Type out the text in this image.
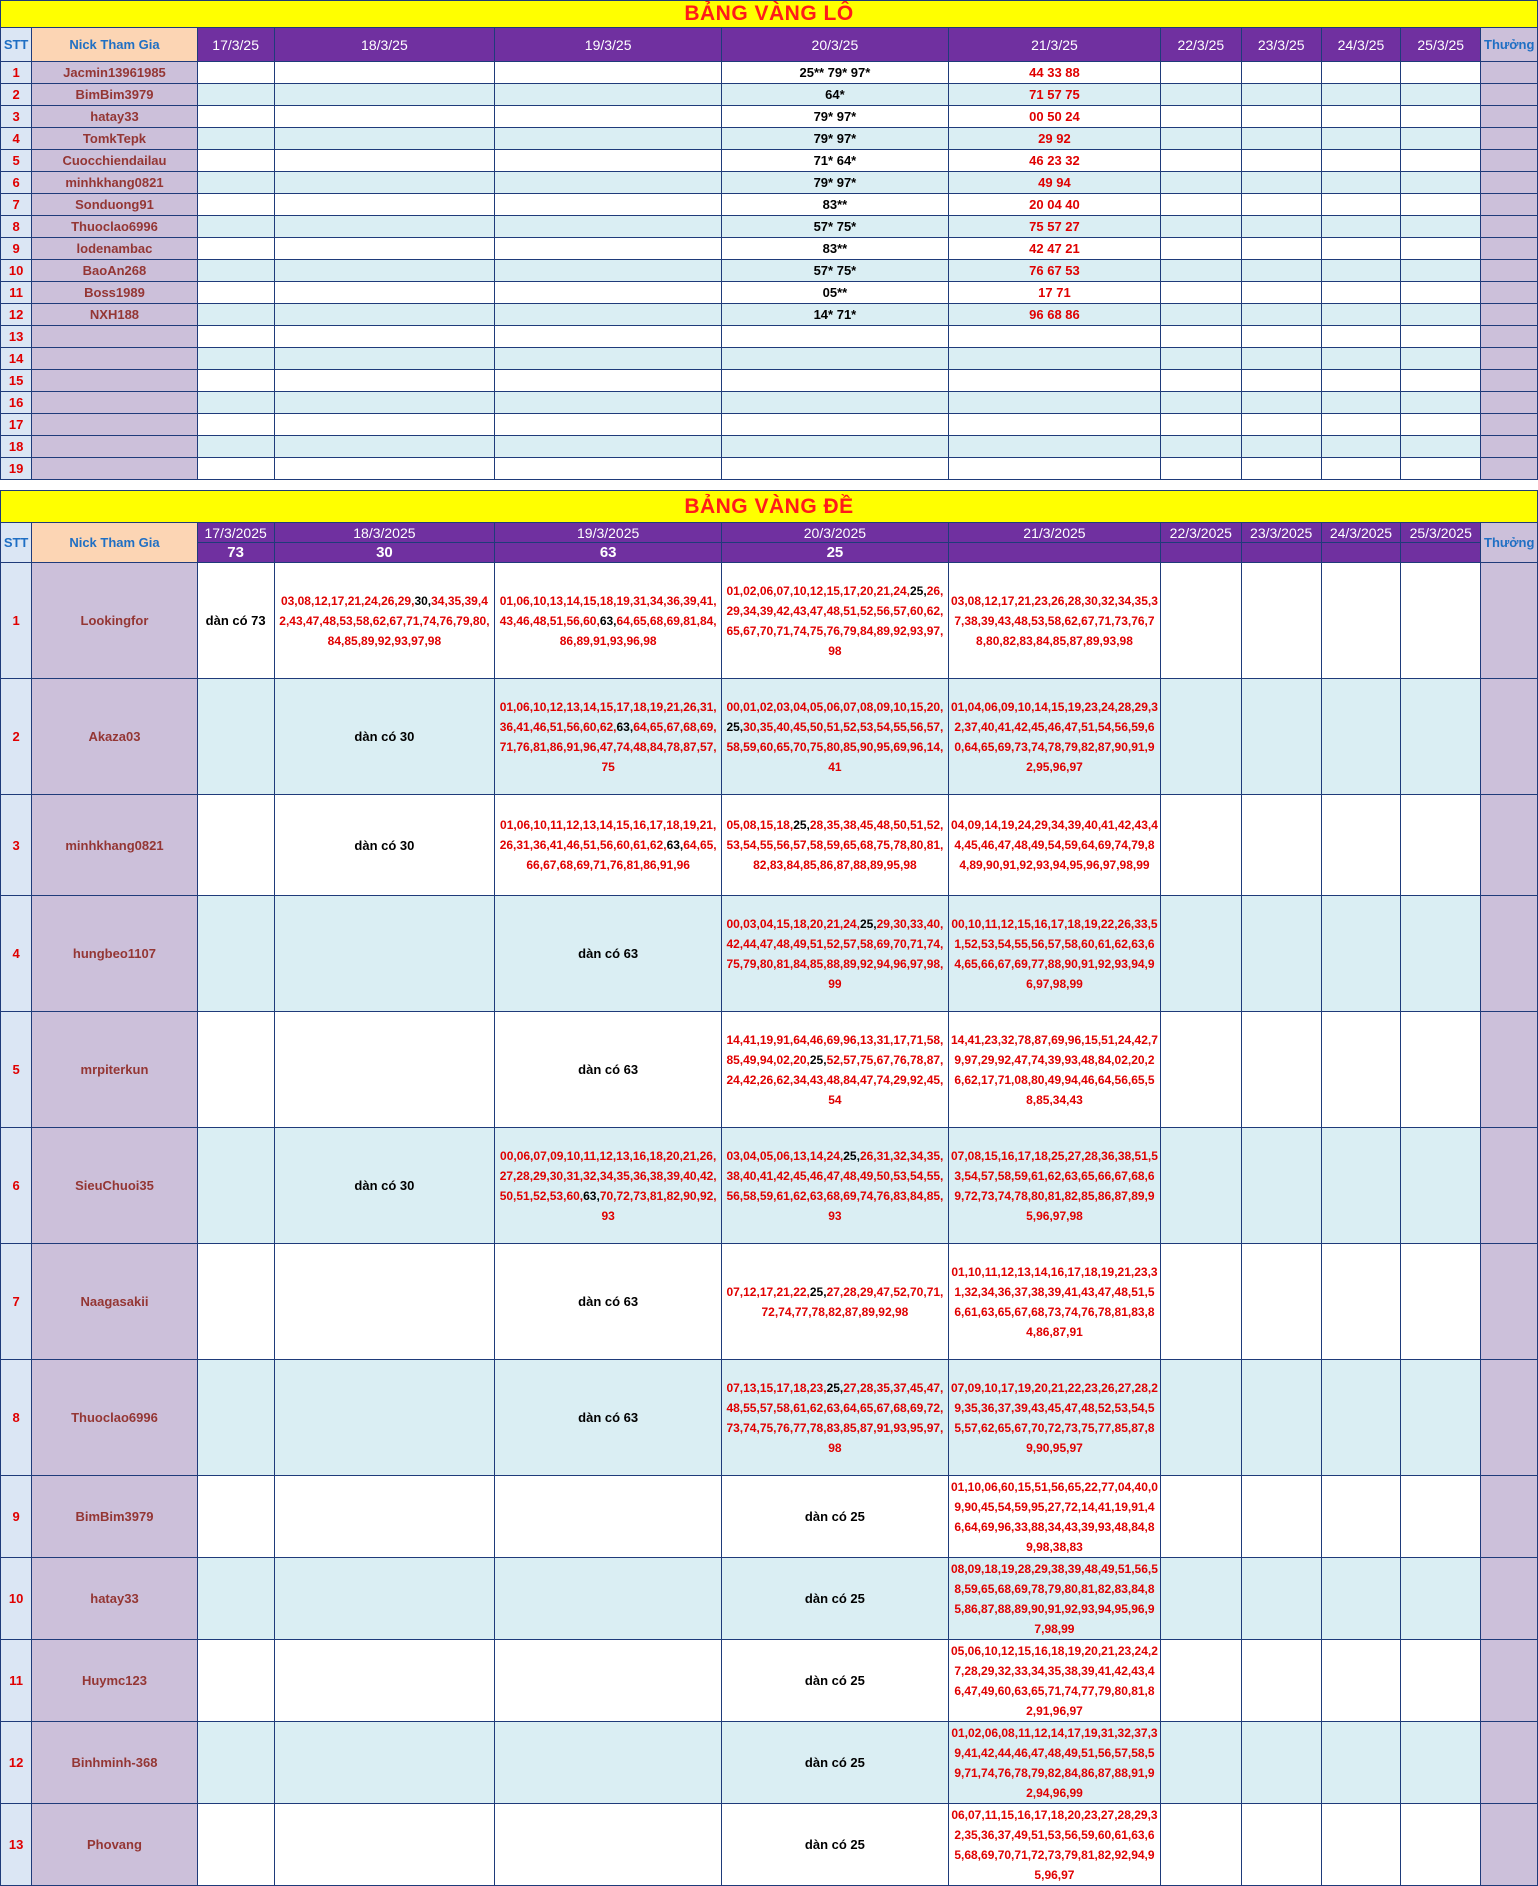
BẢNG VÀNG LÔ											
STT	Nick Tham Gia	17/3/25	18/3/25	19/3/25	20/3/25	21/3/25	22/3/25	23/3/25	24/3/25	25/3/25	Thưởng
1	Jacmin13961985				25** 79* 97*	44 33 88					
2	BimBim3979				64*	71 57 75					
3	hatay33				79* 97*	00 50 24					
4	TomkTepk				79* 97*	29 92					
5	Cuocchiendailau				71* 64*	46 23 32					
6	minhkhang0821				79* 97*	49 94					
7	Sonduong91				83**	20 04 40					
8	Thuoclao6996				57* 75*	75 57 27					
9	lodenambac				83**	42 47 21					
10	BaoAn268				57* 75*	76 67 53					
11	Boss1989				05**	17 71					
12	NXH188				14* 71*	96 68 86					
13											
14											
15											
16											
17											
18											
19											
BẢNG VÀNG ĐỀ											
STT	Nick Tham Gia	17/3/2025	18/3/2025	19/3/2025	20/3/2025	21/3/2025	22/3/2025	23/3/2025	24/3/2025	25/3/2025	Thưởng
		73	30	63	25						
1	Lookingfor	dàn có 73	03,08,12,17,21,24,26,29,30,34,35,39,42,43,47,48,53,58,62,67,71,74,76,79,80,84,85,89,92,93,97,98	01,06,10,13,14,15,18,19,31,34,36,39,41,43,46,48,51,56,60,63,64,65,68,69,81,84,86,89,91,93,96,98	01,02,06,07,10,12,15,17,20,21,24,25,26,29,34,39,42,43,47,48,51,52,56,57,60,62,65,67,70,71,74,75,76,79,84,89,92,93,97,98	03,08,12,17,21,23,26,28,30,32,34,35,37,38,39,43,48,53,58,62,67,71,73,76,78,80,82,83,84,85,87,89,93,98					
2	Akaza03		dàn có 30	01,06,10,12,13,14,15,17,18,19,21,26,31,36,41,46,51,56,60,62,63,64,65,67,68,69,71,76,81,86,91,96,47,74,48,84,78,87,57,75	00,01,02,03,04,05,06,07,08,09,10,15,20,25,30,35,40,45,50,51,52,53,54,55,56,57,58,59,60,65,70,75,80,85,90,95,69,96,14,41	01,04,06,09,10,14,15,19,23,24,28,29,32,37,40,41,42,45,46,47,51,54,56,59,60,64,65,69,73,74,78,79,82,87,90,91,92,95,96,97					
3	minhkhang0821		dàn có 30	01,06,10,11,12,13,14,15,16,17,18,19,21,26,31,36,41,46,51,56,60,61,62,63,64,65,66,67,68,69,71,76,81,86,91,96	05,08,15,18,25,28,35,38,45,48,50,51,52,53,54,55,56,57,58,59,65,68,75,78,80,81,82,83,84,85,86,87,88,89,95,98	04,09,14,19,24,29,34,39,40,41,42,43,44,45,46,47,48,49,54,59,64,69,74,79,84,89,90,91,92,93,94,95,96,97,98,99					
4	hungbeo1107			dàn có 63	00,03,04,15,18,20,21,24,25,29,30,33,40,42,44,47,48,49,51,52,57,58,69,70,71,74,75,79,80,81,84,85,88,89,92,94,96,97,98,99	00,10,11,12,15,16,17,18,19,22,26,33,51,52,53,54,55,56,57,58,60,61,62,63,64,65,66,67,69,77,88,90,91,92,93,94,96,97,98,99					
5	mrpiterkun			dàn có 63	14,41,19,91,64,46,69,96,13,31,17,71,58,85,49,94,02,20,25,52,57,75,67,76,78,87,24,42,26,62,34,43,48,84,47,74,29,92,45,54	14,41,23,32,78,87,69,96,15,51,24,42,79,97,29,92,47,74,39,93,48,84,02,20,26,62,17,71,08,80,49,94,46,64,56,65,58,85,34,43					
6	SieuChuoi35		dàn có 30	00,06,07,09,10,11,12,13,16,18,20,21,26,27,28,29,30,31,32,34,35,36,38,39,40,42,50,51,52,53,60,63,70,72,73,81,82,90,92,93	03,04,05,06,13,14,24,25,26,31,32,34,35,38,40,41,42,45,46,47,48,49,50,53,54,55,56,58,59,61,62,63,68,69,74,76,83,84,85,93	07,08,15,16,17,18,25,27,28,36,38,51,53,54,57,58,59,61,62,63,65,66,67,68,69,72,73,74,78,80,81,82,85,86,87,89,95,96,97,98					
7	Naagasakii			dàn có 63	07,12,17,21,22,25,27,28,29,47,52,70,71,72,74,77,78,82,87,89,92,98	01,10,11,12,13,14,16,17,18,19,21,23,31,32,34,36,37,38,39,41,43,47,48,51,56,61,63,65,67,68,73,74,76,78,81,83,84,86,87,91					
8	Thuoclao6996			dàn có 63	07,13,15,17,18,23,25,27,28,35,37,45,47,48,55,57,58,61,62,63,64,65,67,68,69,72,73,74,75,76,77,78,83,85,87,91,93,95,97,98	07,09,10,17,19,20,21,22,23,26,27,28,29,35,36,37,39,43,45,47,48,52,53,54,55,57,62,65,67,70,72,73,75,77,85,87,89,90,95,97					
9	BimBim3979				dàn có 25	01,10,06,60,15,51,56,65,22,77,04,40,09,90,45,54,59,95,27,72,14,41,19,91,46,64,69,96,33,88,34,43,39,93,48,84,89,98,38,83					
10	hatay33				dàn có 25	08,09,18,19,28,29,38,39,48,49,51,56,58,59,65,68,69,78,79,80,81,82,83,84,85,86,87,88,89,90,91,92,93,94,95,96,97,98,99					
11	Huymc123				dàn có 25	05,06,10,12,15,16,18,19,20,21,23,24,27,28,29,32,33,34,35,38,39,41,42,43,46,47,49,60,63,65,71,74,77,79,80,81,82,91,96,97					
12	Binhminh-368				dàn có 25	01,02,06,08,11,12,14,17,19,31,32,37,39,41,42,44,46,47,48,49,51,56,57,58,59,71,74,76,78,79,82,84,86,87,88,91,92,94,96,99					
13	Phovang				dàn có 25	06,07,11,15,16,17,18,20,23,27,28,29,32,35,36,37,49,51,53,56,59,60,61,63,65,68,69,70,71,72,73,79,81,82,92,94,95,96,97					
